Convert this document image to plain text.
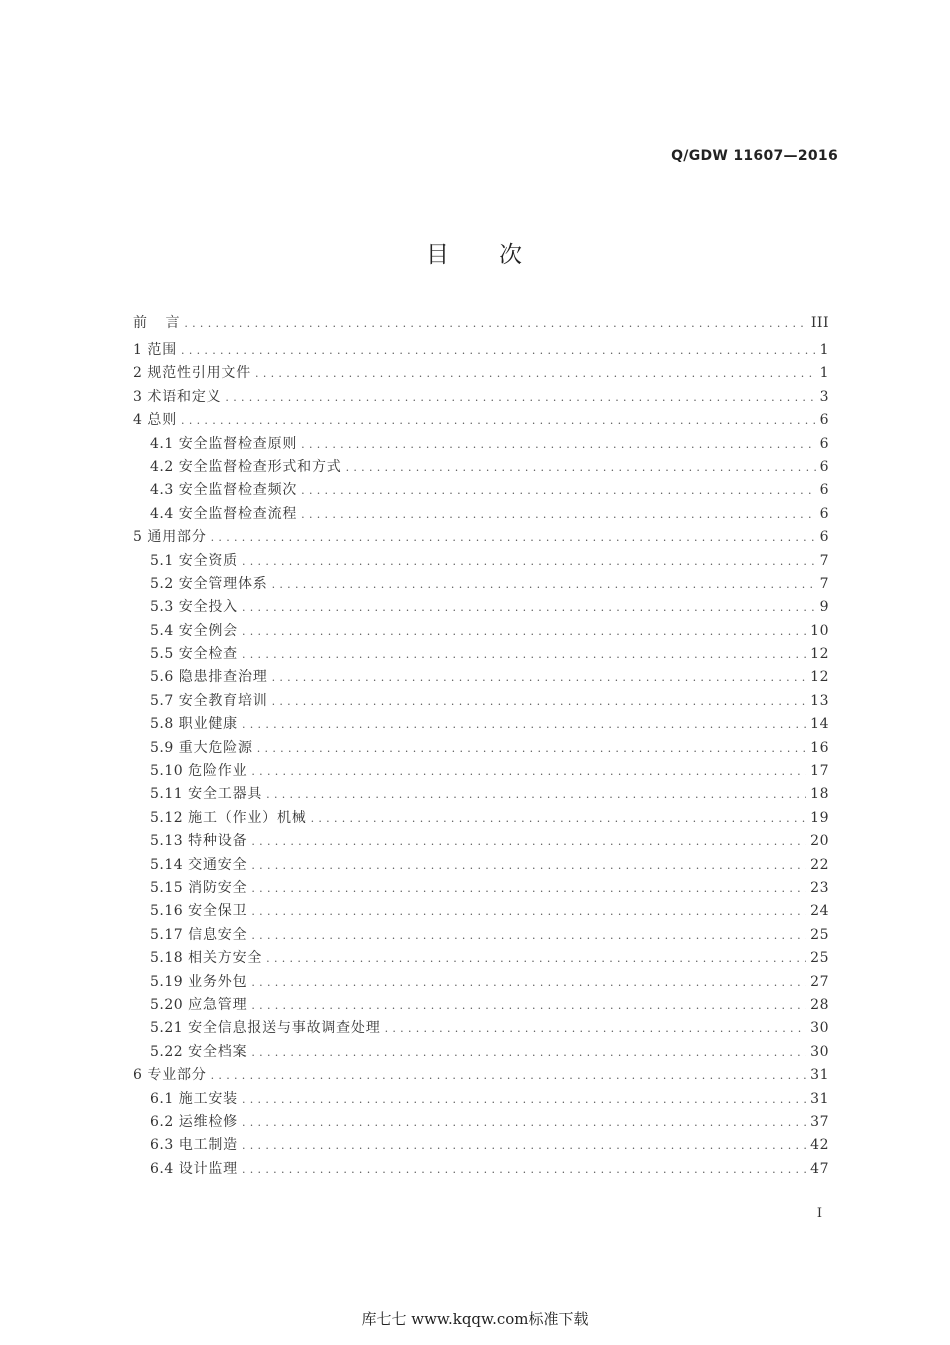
Q/GDW 11607—2016
目 次
前 言 .....	III
1 范围 .....	1
2 规范性引用文件 .....	1
3 术语和定义 .....	3
4 总则 .....	6
4.1 安全监督检查原则 .....	6
4.2 安全监督检查形式和方式 .....	6
4.3 安全监督检查频次 .....	6
4.4 安全监督检查流程 .....	6
5 通用部分 .....	6
5.1 安全资质 .....	7
5.2 安全管理体系 .....	7
5.3 安全投入 .....	9
5.4 安全例会 .....	10
5.5 安全检查 .....	12
5.6 隐患排查治理 .....	12
5.7 安全教育培训 .....	13
5.8 职业健康 .....	14
5.9 重大危险源 .....	16
5.10 危险作业 .....	17
5.11 安全工器具 .....	18
5.12 施工（作业）机械 .....	19
5.13 特种设备 .....	20
5.14 交通安全 .....	22
5.15 消防安全 .....	23
5.16 安全保卫 .....	24
5.17 信息安全 .....	25
5.18 相关方安全 .....	25
5.19 业务外包 .....	27
5.20 应急管理 .....	28
5.21 安全信息报送与事故调查处理 .....	30
5.22 安全档案 .....	30
6 专业部分 .....	31
6.1 施工安装 .....	31
6.2 运维检修 .....	37
6.3 电工制造 .....	42
6.4 设计监理 .....	47
I
库七七 www.kqqw.com标准下载
